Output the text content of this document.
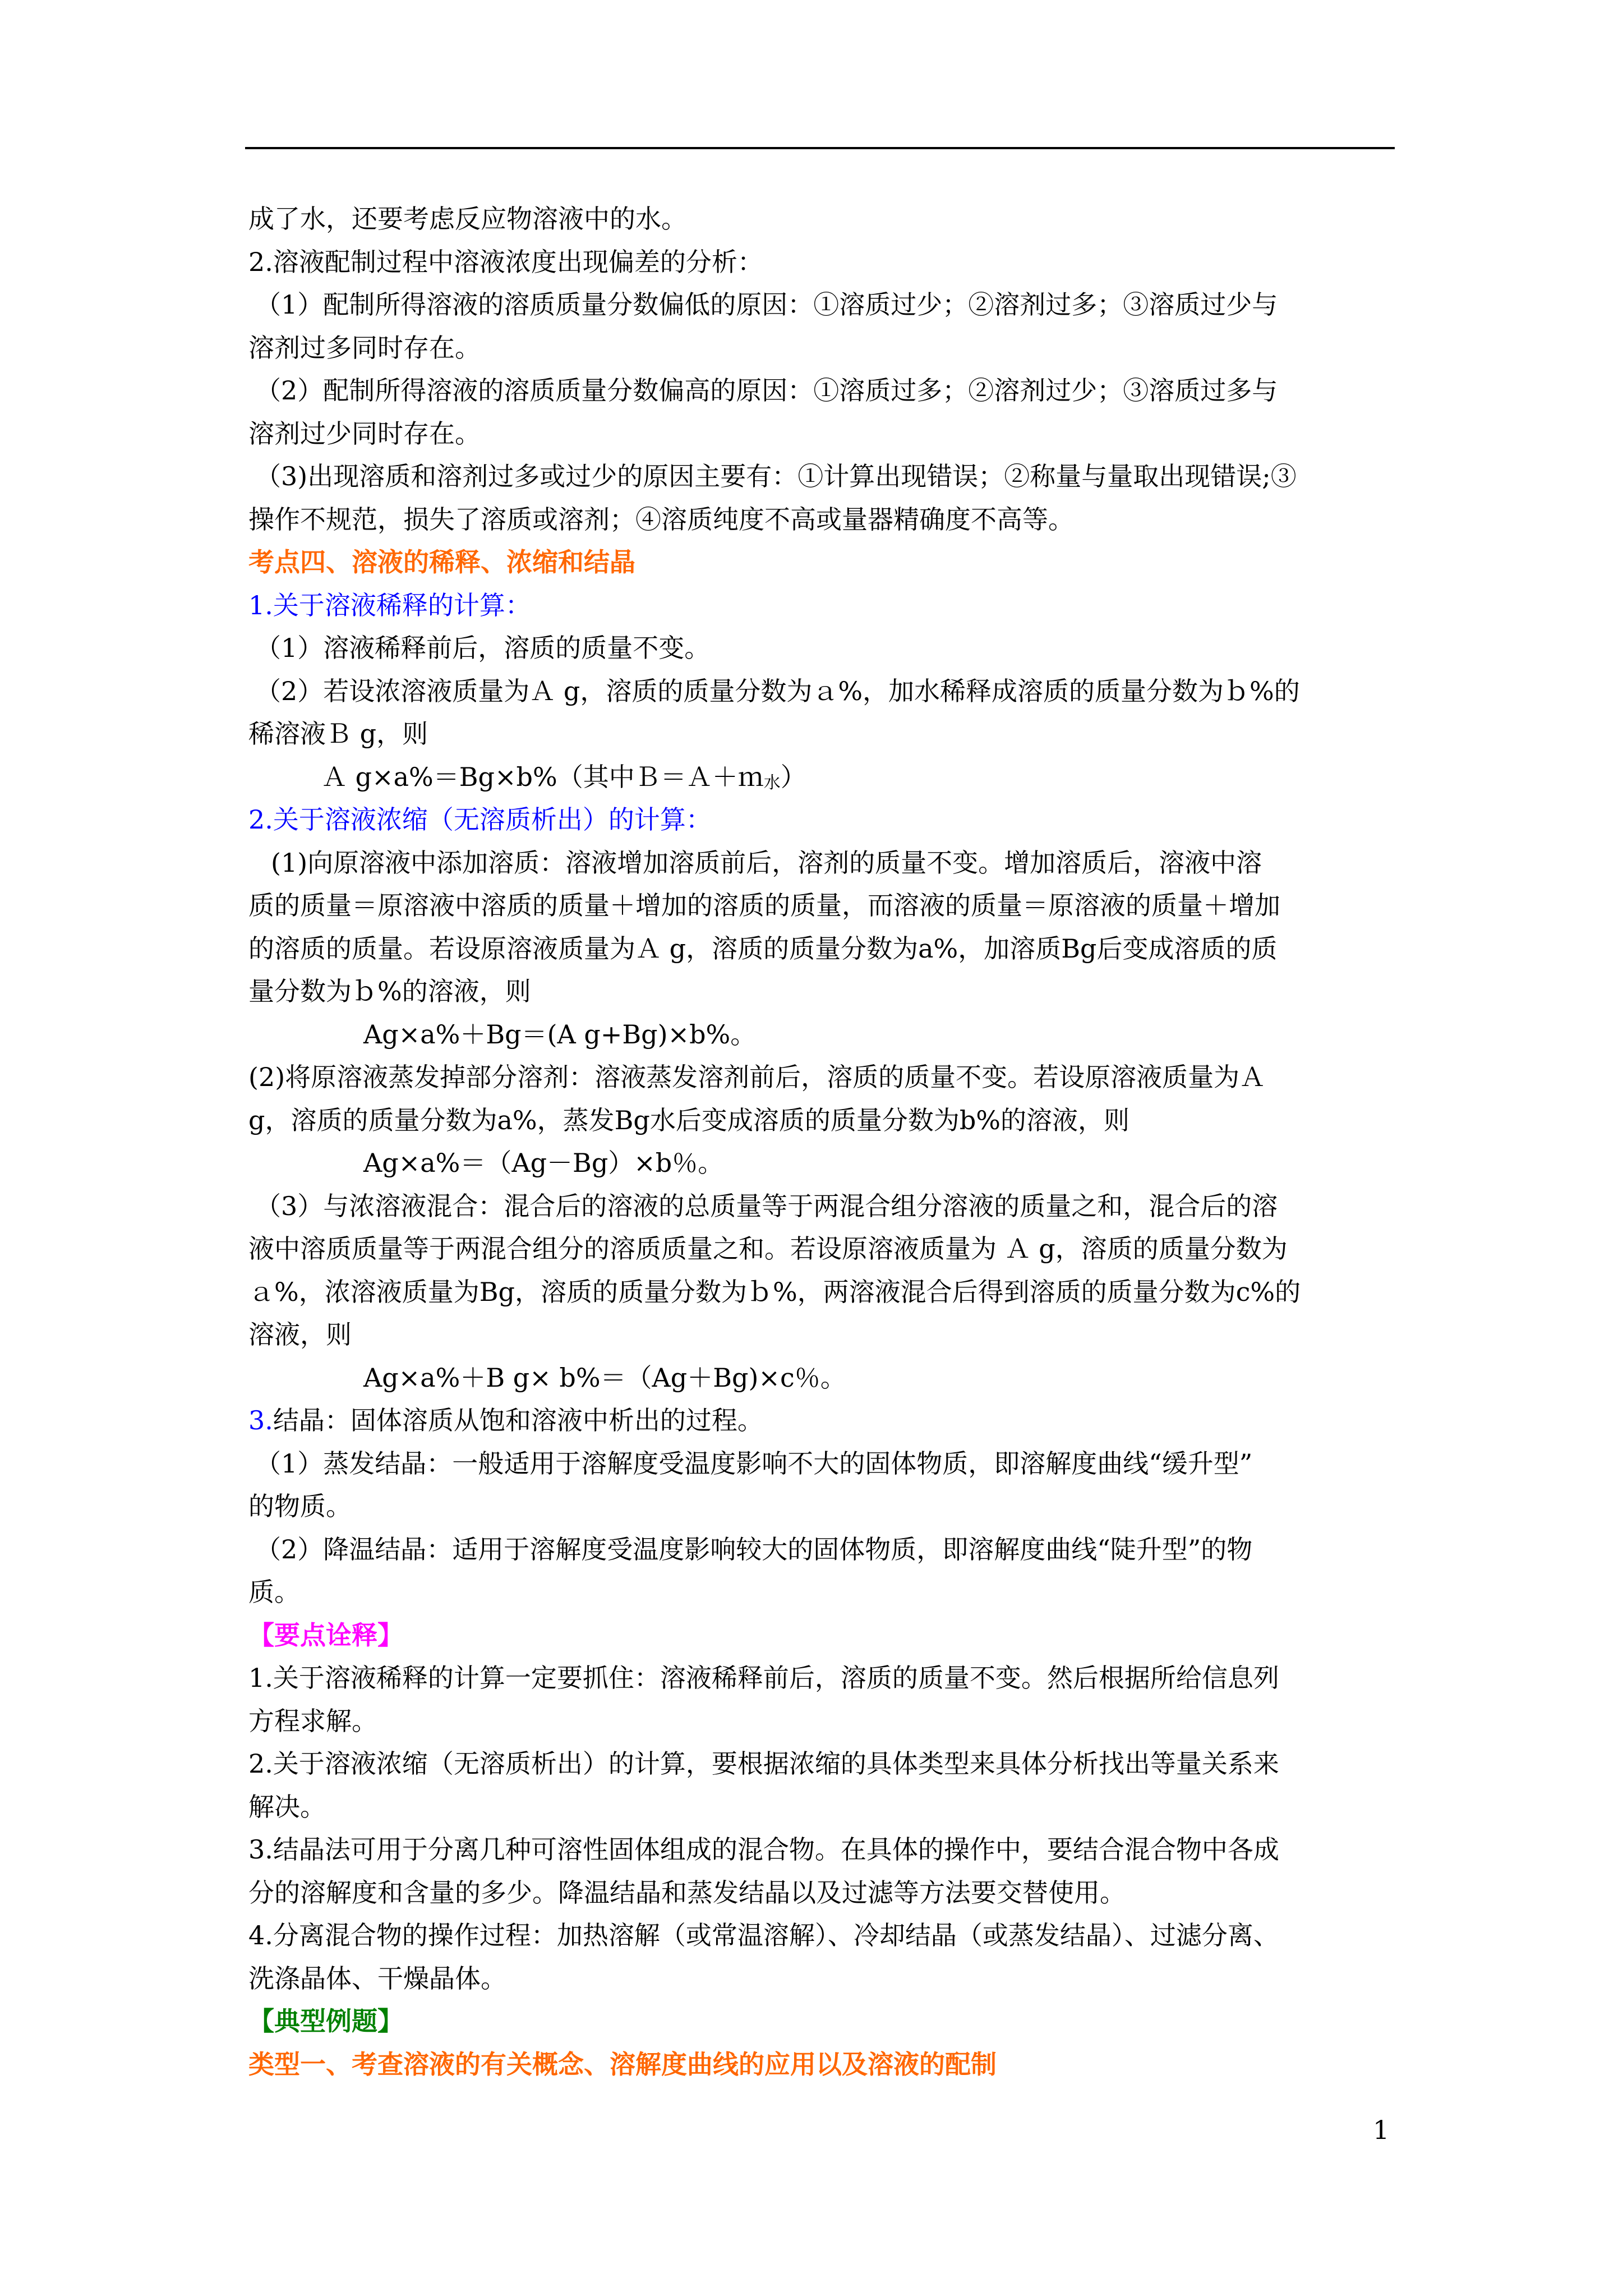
成了水，还要考虑反应物溶液中的水。
2.溶液配制过程中溶液浓度出现偏差的分析：
（1）配制所得溶液的溶质质量分数偏低的原因：①溶质过少；②溶剂过多；③溶质过少与
溶剂过多同时存在。
（2）配制所得溶液的溶质质量分数偏高的原因：①溶质过多；②溶剂过少；③溶质过多与
溶剂过少同时存在。
（3)出现溶质和溶剂过多或过少的原因主要有：①计算出现错误；②称量与量取出现错误;③
操作不规范，损失了溶质或溶剂；④溶质纯度不高或量器精确度不高等。
考点四、溶液的稀释、浓缩和结晶
1.关于溶液稀释的计算：
（1）溶液稀释前后，溶质的质量不变。
（2）若设浓溶液质量为Ａ g，溶质的质量分数为ａ%，加水稀释成溶质的质量分数为ｂ%的
稀溶液Ｂ g，则
Ａ g×a%＝Bg×b%（其中Ｂ＝Ａ＋ｍ$_水$）
2.关于溶液浓缩（无溶质析出）的计算：
(1)向原溶液中添加溶质：溶液增加溶质前后，溶剂的质量不变。增加溶质后，溶液中溶
质的质量＝原溶液中溶质的质量＋增加的溶质的质量，而溶液的质量＝原溶液的质量＋增加
的溶质的质量。若设原溶液质量为Ａ g，溶质的质量分数为a%，加溶质Bg后变成溶质的质
量分数为ｂ%的溶液，则
Ag×a%＋Bg＝(A g+Bg)×b%。
(2)将原溶液蒸发掉部分溶剂：溶液蒸发溶剂前后，溶质的质量不变。若设原溶液质量为Ａ
g，溶质的质量分数为a%，蒸发Bg水后变成溶质的质量分数为b%的溶液，则
Ag×a%＝（Ag－Bg）×b％。
（3）与浓溶液混合：混合后的溶液的总质量等于两混合组分溶液的质量之和，混合后的溶
液中溶质质量等于两混合组分的溶质质量之和。若设原溶液质量为 Ａ g，溶质的质量分数为
ａ%，浓溶液质量为Bg，溶质的质量分数为ｂ%，两溶液混合后得到溶质的质量分数为c%的
溶液，则
Ag×a%＋B g× b%＝（Ag＋Bg)×c％。
3.结晶：固体溶质从饱和溶液中析出的过程。
（1）蒸发结晶：一般适用于溶解度受温度影响不大的固体物质，即溶解度曲线“缓升型”
的物质。
（2）降温结晶：适用于溶解度受温度影响较大的固体物质，即溶解度曲线“陡升型”的物
质。
【要点诠释】
1.关于溶液稀释的计算一定要抓住：溶液稀释前后，溶质的质量不变。然后根据所给信息列
方程求解。
2.关于溶液浓缩（无溶质析出）的计算，要根据浓缩的具体类型来具体分析找出等量关系来
解决。
3.结晶法可用于分离几种可溶性固体组成的混合物。在具体的操作中，要结合混合物中各成
分的溶解度和含量的多少。降温结晶和蒸发结晶以及过滤等方法要交替使用。
4.分离混合物的操作过程：加热溶解（或常温溶解）、冷却结晶（或蒸发结晶）、过滤分离、
洗涤晶体、干燥晶体。
【典型例题】
类型一、考查溶液的有关概念、溶解度曲线的应用以及溶液的配制
1
